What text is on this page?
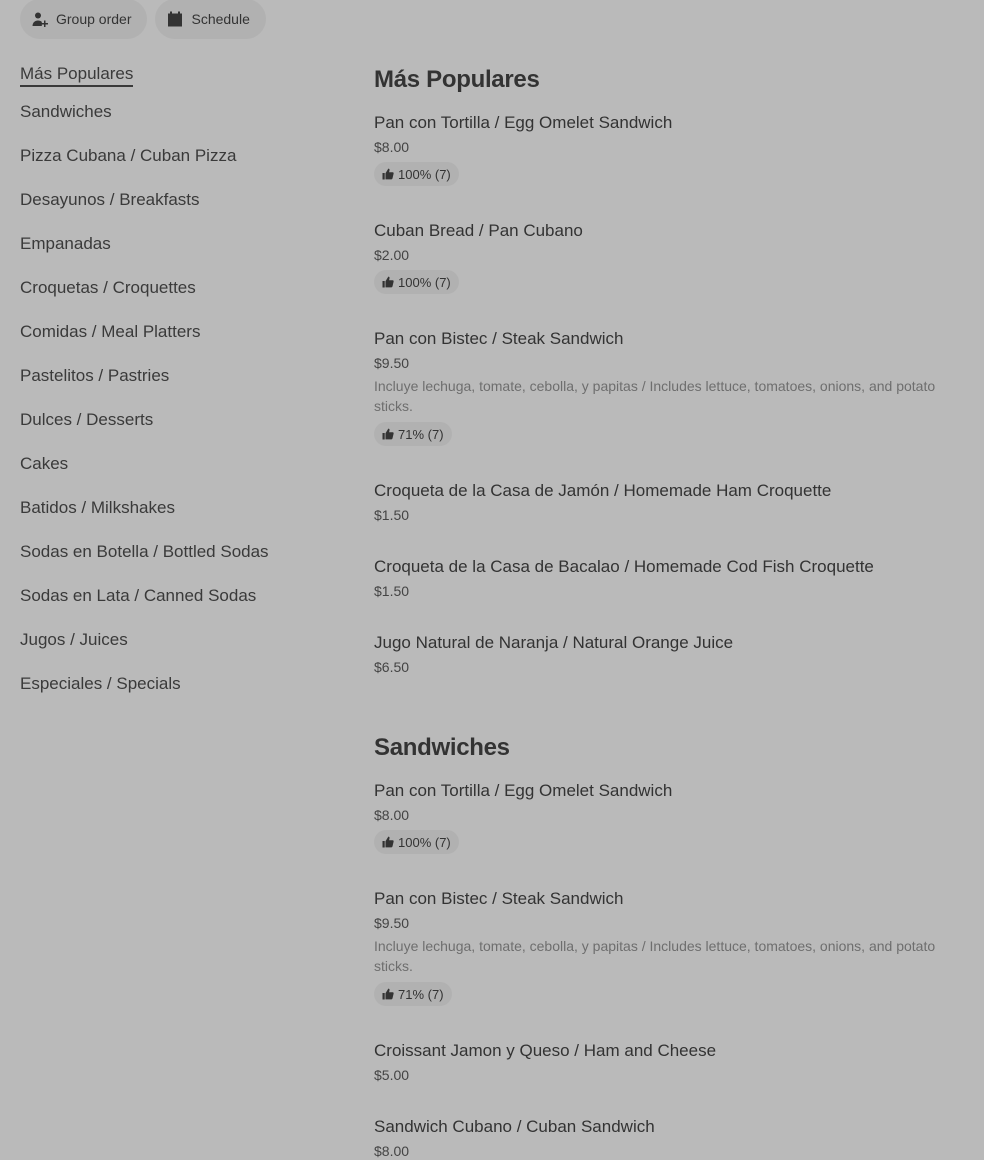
Group order	Schedule
Más Populares
Sandwiches
Pizza Cubana / Cuban Pizza
Desayunos / Breakfasts
Empanadas
Croquetas / Croquettes
Comidas / Meal Platters
Pastelitos / Pastries
Dulces / Desserts
Cakes
Batidos / Milkshakes
Sodas en Botella / Bottled Sodas
Sodas en Lata / Canned Sodas
Jugos / Juices
Especiales / Specials
Más Populares
Pan con Tortilla / Egg Omelet Sandwich
$8.00
100% (7)
Cuban Bread / Pan Cubano
$2.00
100% (7)
Pan con Bistec / Steak Sandwich
$9.50
Incluye lechuga, tomate, cebolla, y papitas / Includes lettuce, tomatoes, onions, and potato sticks.
71% (7)
Croqueta de la Casa de Jamón / Homemade Ham Croquette
$1.50
Croqueta de la Casa de Bacalao / Homemade Cod Fish Croquette
$1.50
Jugo Natural de Naranja / Natural Orange Juice
$6.50
Sandwiches
Pan con Tortilla / Egg Omelet Sandwich
$8.00
100% (7)
Pan con Bistec / Steak Sandwich
$9.50
Incluye lechuga, tomate, cebolla, y papitas / Includes lettuce, tomatoes, onions, and potato sticks.
71% (7)
Croissant Jamon y Queso / Ham and Cheese
$5.00
Sandwich Cubano / Cuban Sandwich
$8.00
